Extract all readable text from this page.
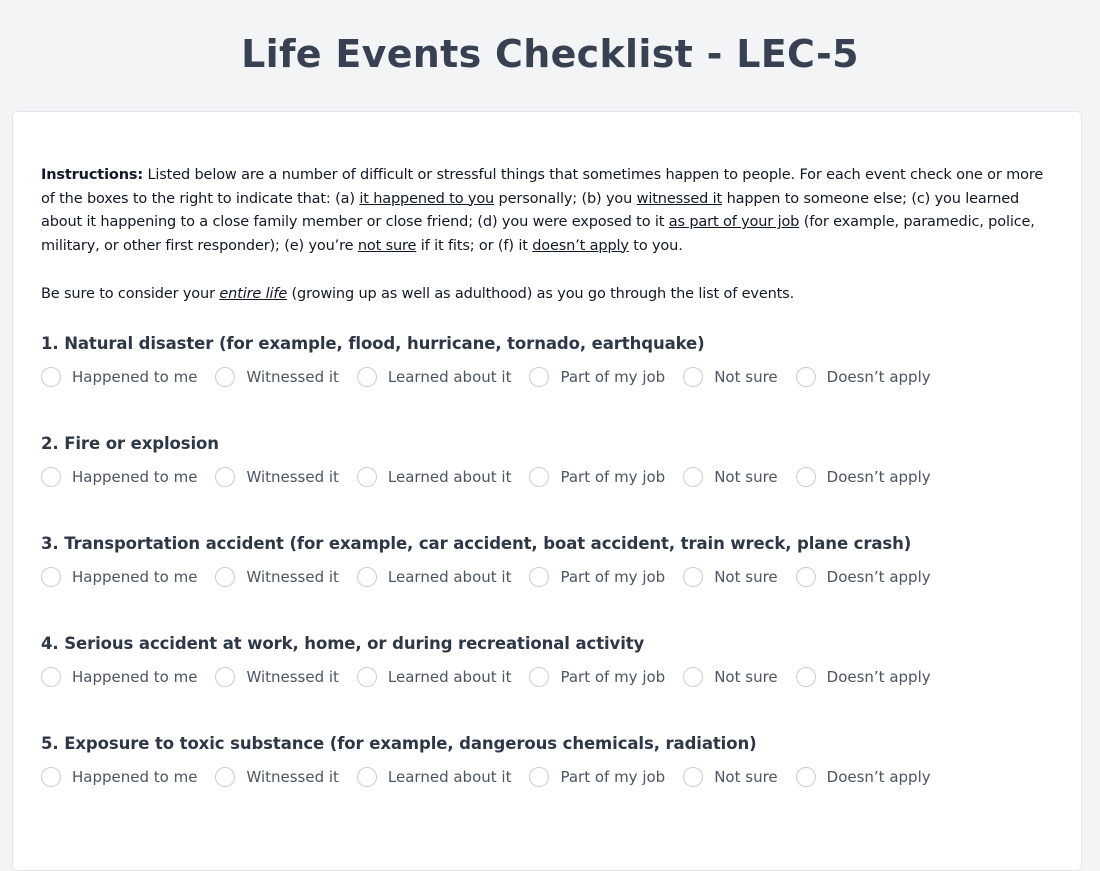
Life Events Checklist - LEC-5

Instructions: Listed below are a number of difficult or stressful things that sometimes happen to people. For each event check one or more of the boxes to the right to indicate that: (a) it happened to you personally; (b) you witnessed it happen to someone else; (c) you learned about it happening to a close family member or close friend; (d) you were exposed to it as part of your job (for example, paramedic, police, military, or other first responder); (e) you’re not sure if it fits; or (f) it doesn’t apply to you.

Be sure to consider your entire life (growing up as well as adulthood) as you go through the list of events.

1. Natural disaster (for example, flood, hurricane, tornado, earthquake)
Happened to me	Witnessed it	Learned about it	Part of my job	Not sure	Doesn’t apply
2. Fire or explosion
Happened to me	Witnessed it	Learned about it	Part of my job	Not sure	Doesn’t apply
3. Transportation accident (for example, car accident, boat accident, train wreck, plane crash)
Happened to me	Witnessed it	Learned about it	Part of my job	Not sure	Doesn’t apply
4. Serious accident at work, home, or during recreational activity
Happened to me	Witnessed it	Learned about it	Part of my job	Not sure	Doesn’t apply
5. Exposure to toxic substance (for example, dangerous chemicals, radiation)
Happened to me	Witnessed it	Learned about it	Part of my job	Not sure	Doesn’t apply
